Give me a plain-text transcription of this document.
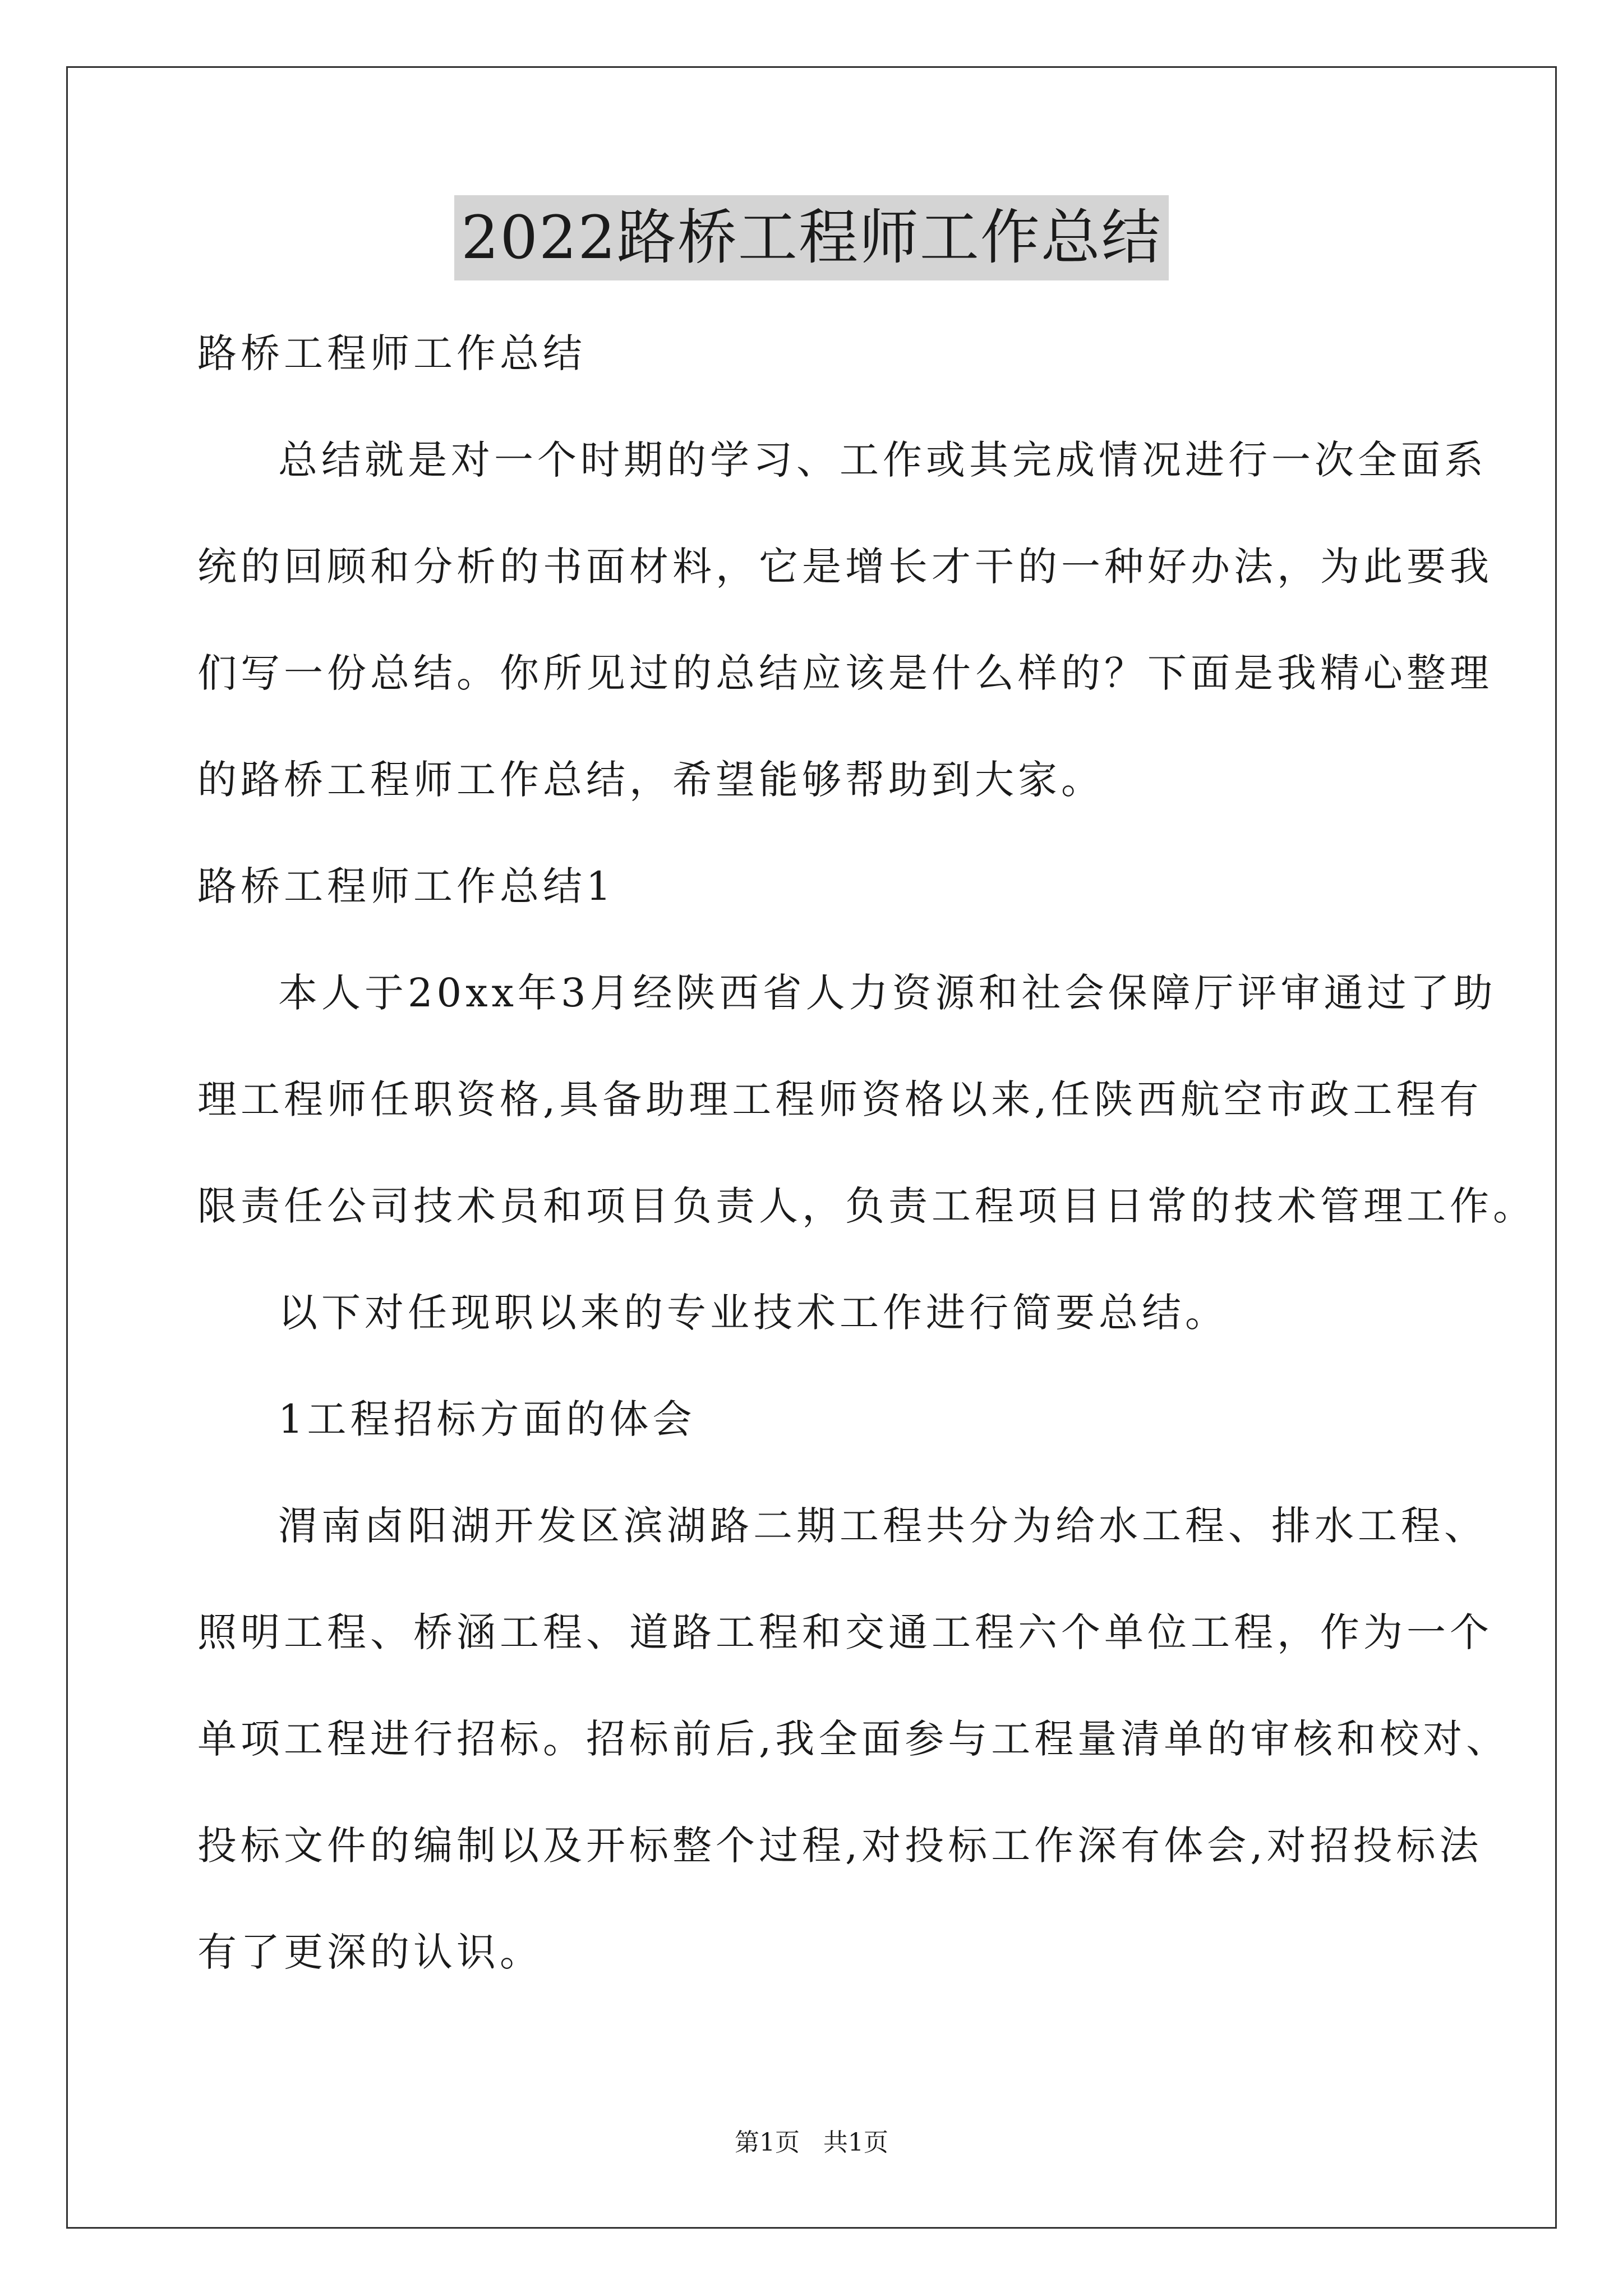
2022路桥工程师工作总结
路桥工程师工作总结
总结就是对一个时期的学习、工作或其完成情况进行一次全面系
统的回顾和分析的书面材料，它是增长才干的一种好办法，为此要我
们写一份总结。你所见过的总结应该是什么样的？下面是我精心整理
的路桥工程师工作总结，希望能够帮助到大家。
路桥工程师工作总结1
本人于20xx年3月经陕西省人力资源和社会保障厅评审通过了助
理工程师任职资格,具备助理工程师资格以来,任陕西航空市政工程有
限责任公司技术员和项目负责人，负责工程项目日常的技术管理工作。
以下对任现职以来的专业技术工作进行简要总结。
1工程招标方面的体会
渭南卤阳湖开发区滨湖路二期工程共分为给水工程、排水工程、
照明工程、桥涵工程、道路工程和交通工程六个单位工程，作为一个
单项工程进行招标。招标前后,我全面参与工程量清单的审核和校对、
投标文件的编制以及开标整个过程,对投标工作深有体会,对招投标法
有了更深的认识。
第1页 共1页
